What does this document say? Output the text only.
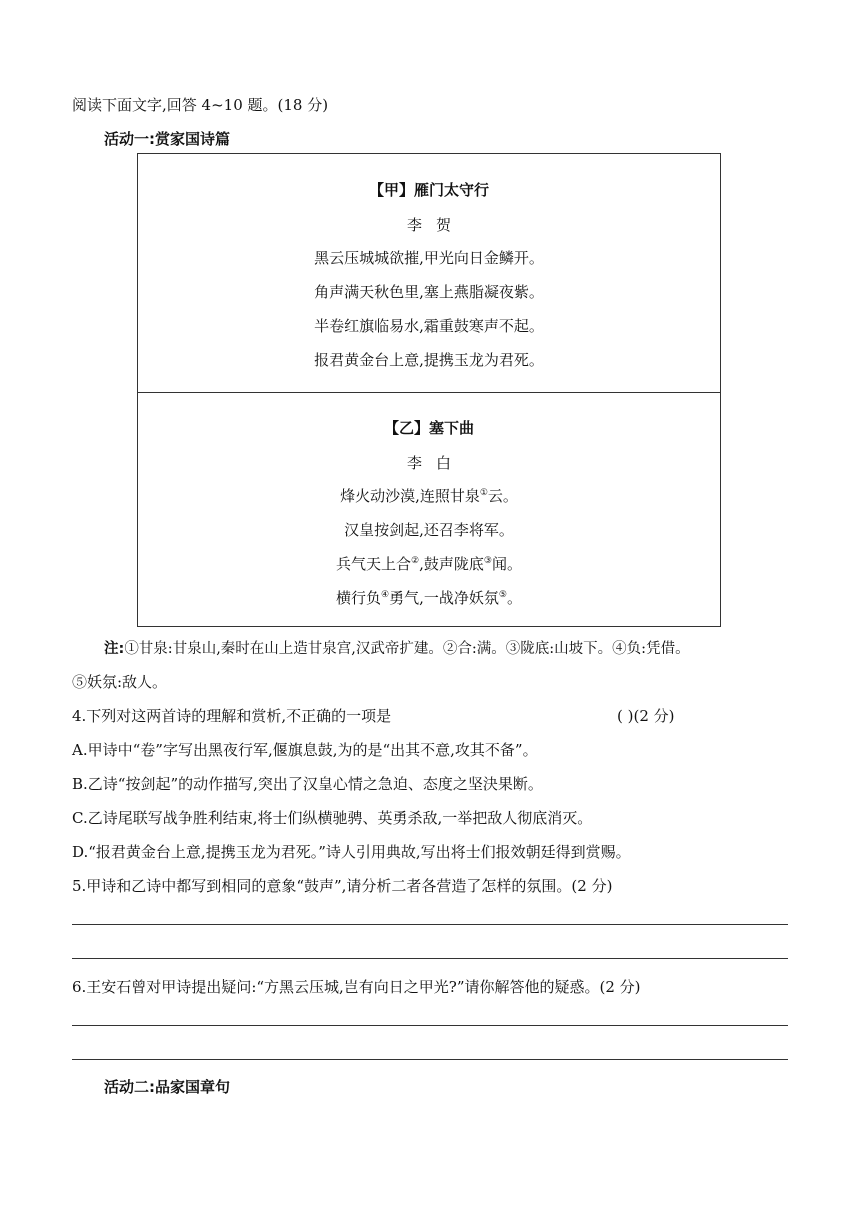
阅读下面文字,回答 4~10 题。(18 分)
活动一:赏家国诗篇
【甲】雁门太守行
李贺
黑云压城城欲摧,甲光向日金鳞开。
角声满天秋色里,塞上燕脂凝夜紫。
半卷红旗临易水,霜重鼓寒声不起。
报君黄金台上意,提携玉龙为君死。
【乙】塞下曲
李白
烽火动沙漠,连照甘泉①云。
汉皇按剑起,还召李将军。
兵气天上合②,鼓声陇底③闻。
横行负④勇气,一战净妖氛⑤。
注:①甘泉:甘泉山,秦时在山上造甘泉宫,汉武帝扩建。②合:满。③陇底:山坡下。④负:凭借。
⑤妖氛:敌人。
4.下列对这两首诗的理解和赏析,不正确的一项是	( )(2 分)
A.甲诗中“卷”字写出黑夜行军,偃旗息鼓,为的是“出其不意,攻其不备”。
B.乙诗“按剑起”的动作描写,突出了汉皇心情之急迫、态度之坚決果断。
C.乙诗尾联写战争胜利结束,将士们纵横驰骋、英勇杀敌,一举把敌人彻底消灭。
D.“报君黄金台上意,提携玉龙为君死。”诗人引用典故,写出将士们报效朝廷得到赏赐。
5.甲诗和乙诗中都写到相同的意象“鼓声”,请分析二者各营造了怎样的氛围。(2 分)
6.王安石曾对甲诗提出疑问:“方黑云压城,岂有向日之甲光?”请你解答他的疑惑。(2 分)
活动二:品家国章句
